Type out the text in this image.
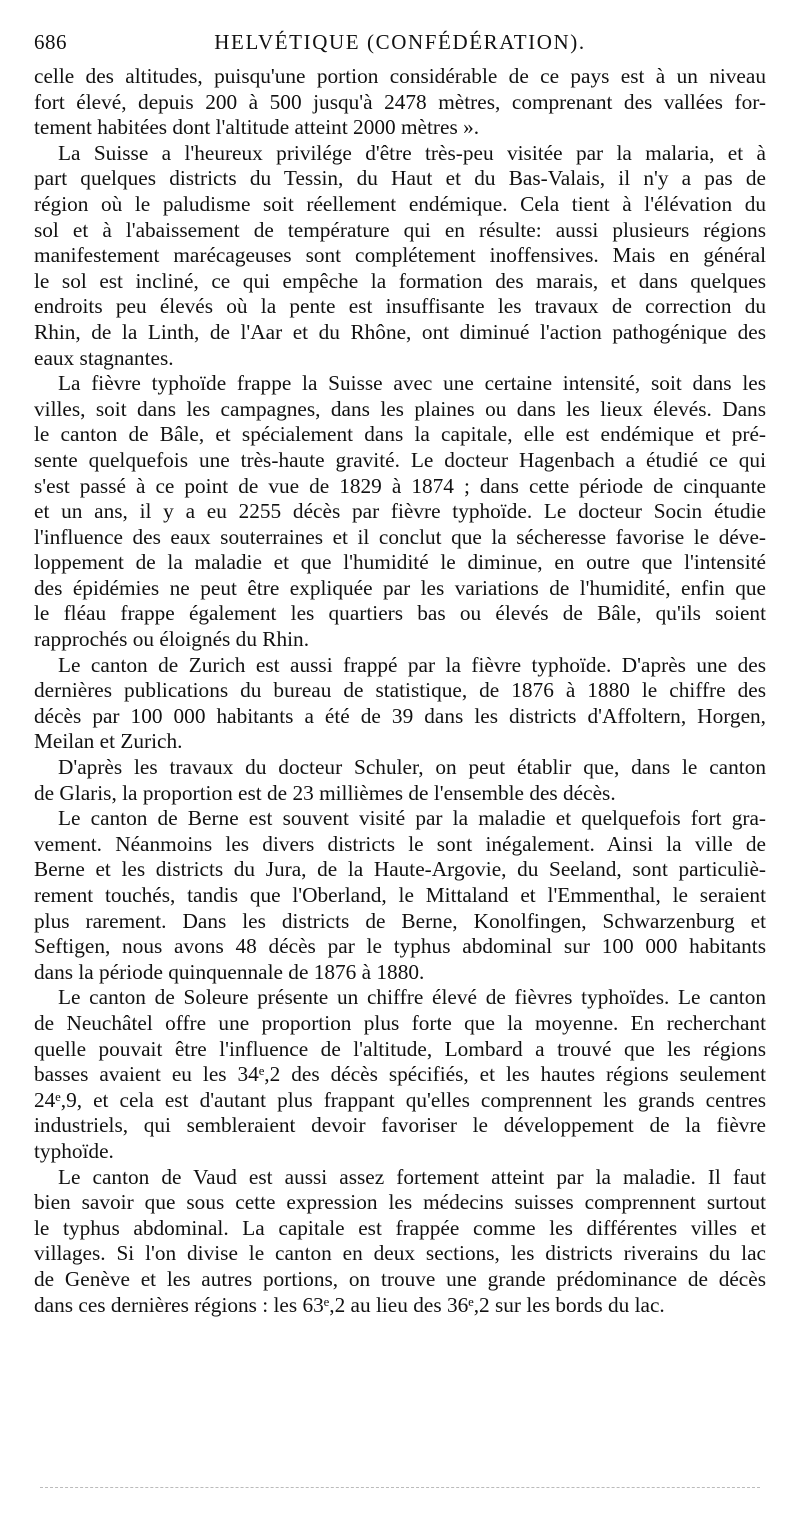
686	HELVÉTIQUE (CONFÉDÉRATION).
celle des altitudes, puisqu'une portion considérable de ce pays est à un niveau
fort élevé, depuis 200 à 500 jusqu'à 2478 mètres, comprenant des vallées for-
tement habitées dont l'altitude atteint 2000 mètres ».
La Suisse a l'heureux privilége d'être très-peu visitée par la malaria, et à
part quelques districts du Tessin, du Haut et du Bas-Valais, il n'y a pas de
région où le paludisme soit réellement endémique. Cela tient à l'élévation du
sol et à l'abaissement de température qui en résulte: aussi plusieurs régions
manifestement marécageuses sont complétement inoffensives. Mais en général
le sol est incliné, ce qui empêche la formation des marais, et dans quelques
endroits peu élevés où la pente est insuffisante les travaux de correction du
Rhin, de la Linth, de l'Aar et du Rhône, ont diminué l'action pathogénique des
eaux stagnantes.
La fièvre typhoïde frappe la Suisse avec une certaine intensité, soit dans les
villes, soit dans les campagnes, dans les plaines ou dans les lieux élevés. Dans
le canton de Bâle, et spécialement dans la capitale, elle est endémique et pré-
sente quelquefois une très-haute gravité. Le docteur Hagenbach a étudié ce qui
s'est passé à ce point de vue de 1829 à 1874 ; dans cette période de cinquante
et un ans, il y a eu 2255 décès par fièvre typhoïde. Le docteur Socin étudie
l'influence des eaux souterraines et il conclut que la sécheresse favorise le déve-
loppement de la maladie et que l'humidité le diminue, en outre que l'intensité
des épidémies ne peut être expliquée par les variations de l'humidité, enfin que
le fléau frappe également les quartiers bas ou élevés de Bâle, qu'ils soient
rapprochés ou éloignés du Rhin.
Le canton de Zurich est aussi frappé par la fièvre typhoïde. D'après une des
dernières publications du bureau de statistique, de 1876 à 1880 le chiffre des
décès par 100 000 habitants a été de 39 dans les districts d'Affoltern, Horgen,
Meilan et Zurich.
D'après les travaux du docteur Schuler, on peut établir que, dans le canton
de Glaris, la proportion est de 23 millièmes de l'ensemble des décès.
Le canton de Berne est souvent visité par la maladie et quelquefois fort gra-
vement. Néanmoins les divers districts le sont inégalement. Ainsi la ville de
Berne et les districts du Jura, de la Haute-Argovie, du Seeland, sont particuliè-
rement touchés, tandis que l'Oberland, le Mittaland et l'Emmenthal, le seraient
plus rarement. Dans les districts de Berne, Konolfingen, Schwarzenburg et
Seftigen, nous avons 48 décès par le typhus abdominal sur 100 000 habitants
dans la période quinquennale de 1876 à 1880.
Le canton de Soleure présente un chiffre élevé de fièvres typhoïdes. Le canton
de Neuchâtel offre une proportion plus forte que la moyenne. En recherchant
quelle pouvait être l'influence de l'altitude, Lombard a trouvé que les régions
basses avaient eu les 34ᵉ,2 des décès spécifiés, et les hautes régions seulement
24ᵉ,9, et cela est d'autant plus frappant qu'elles comprennent les grands centres
industriels, qui sembleraient devoir favoriser le développement de la fièvre
typhoïde.
Le canton de Vaud est aussi assez fortement atteint par la maladie. Il faut
bien savoir que sous cette expression les médecins suisses comprennent surtout
le typhus abdominal. La capitale est frappée comme les différentes villes et
villages. Si l'on divise le canton en deux sections, les districts riverains du lac
de Genève et les autres portions, on trouve une grande prédominance de décès
dans ces dernières régions : les 63ᵉ,2 au lieu des 36ᵉ,2 sur les bords du lac.
